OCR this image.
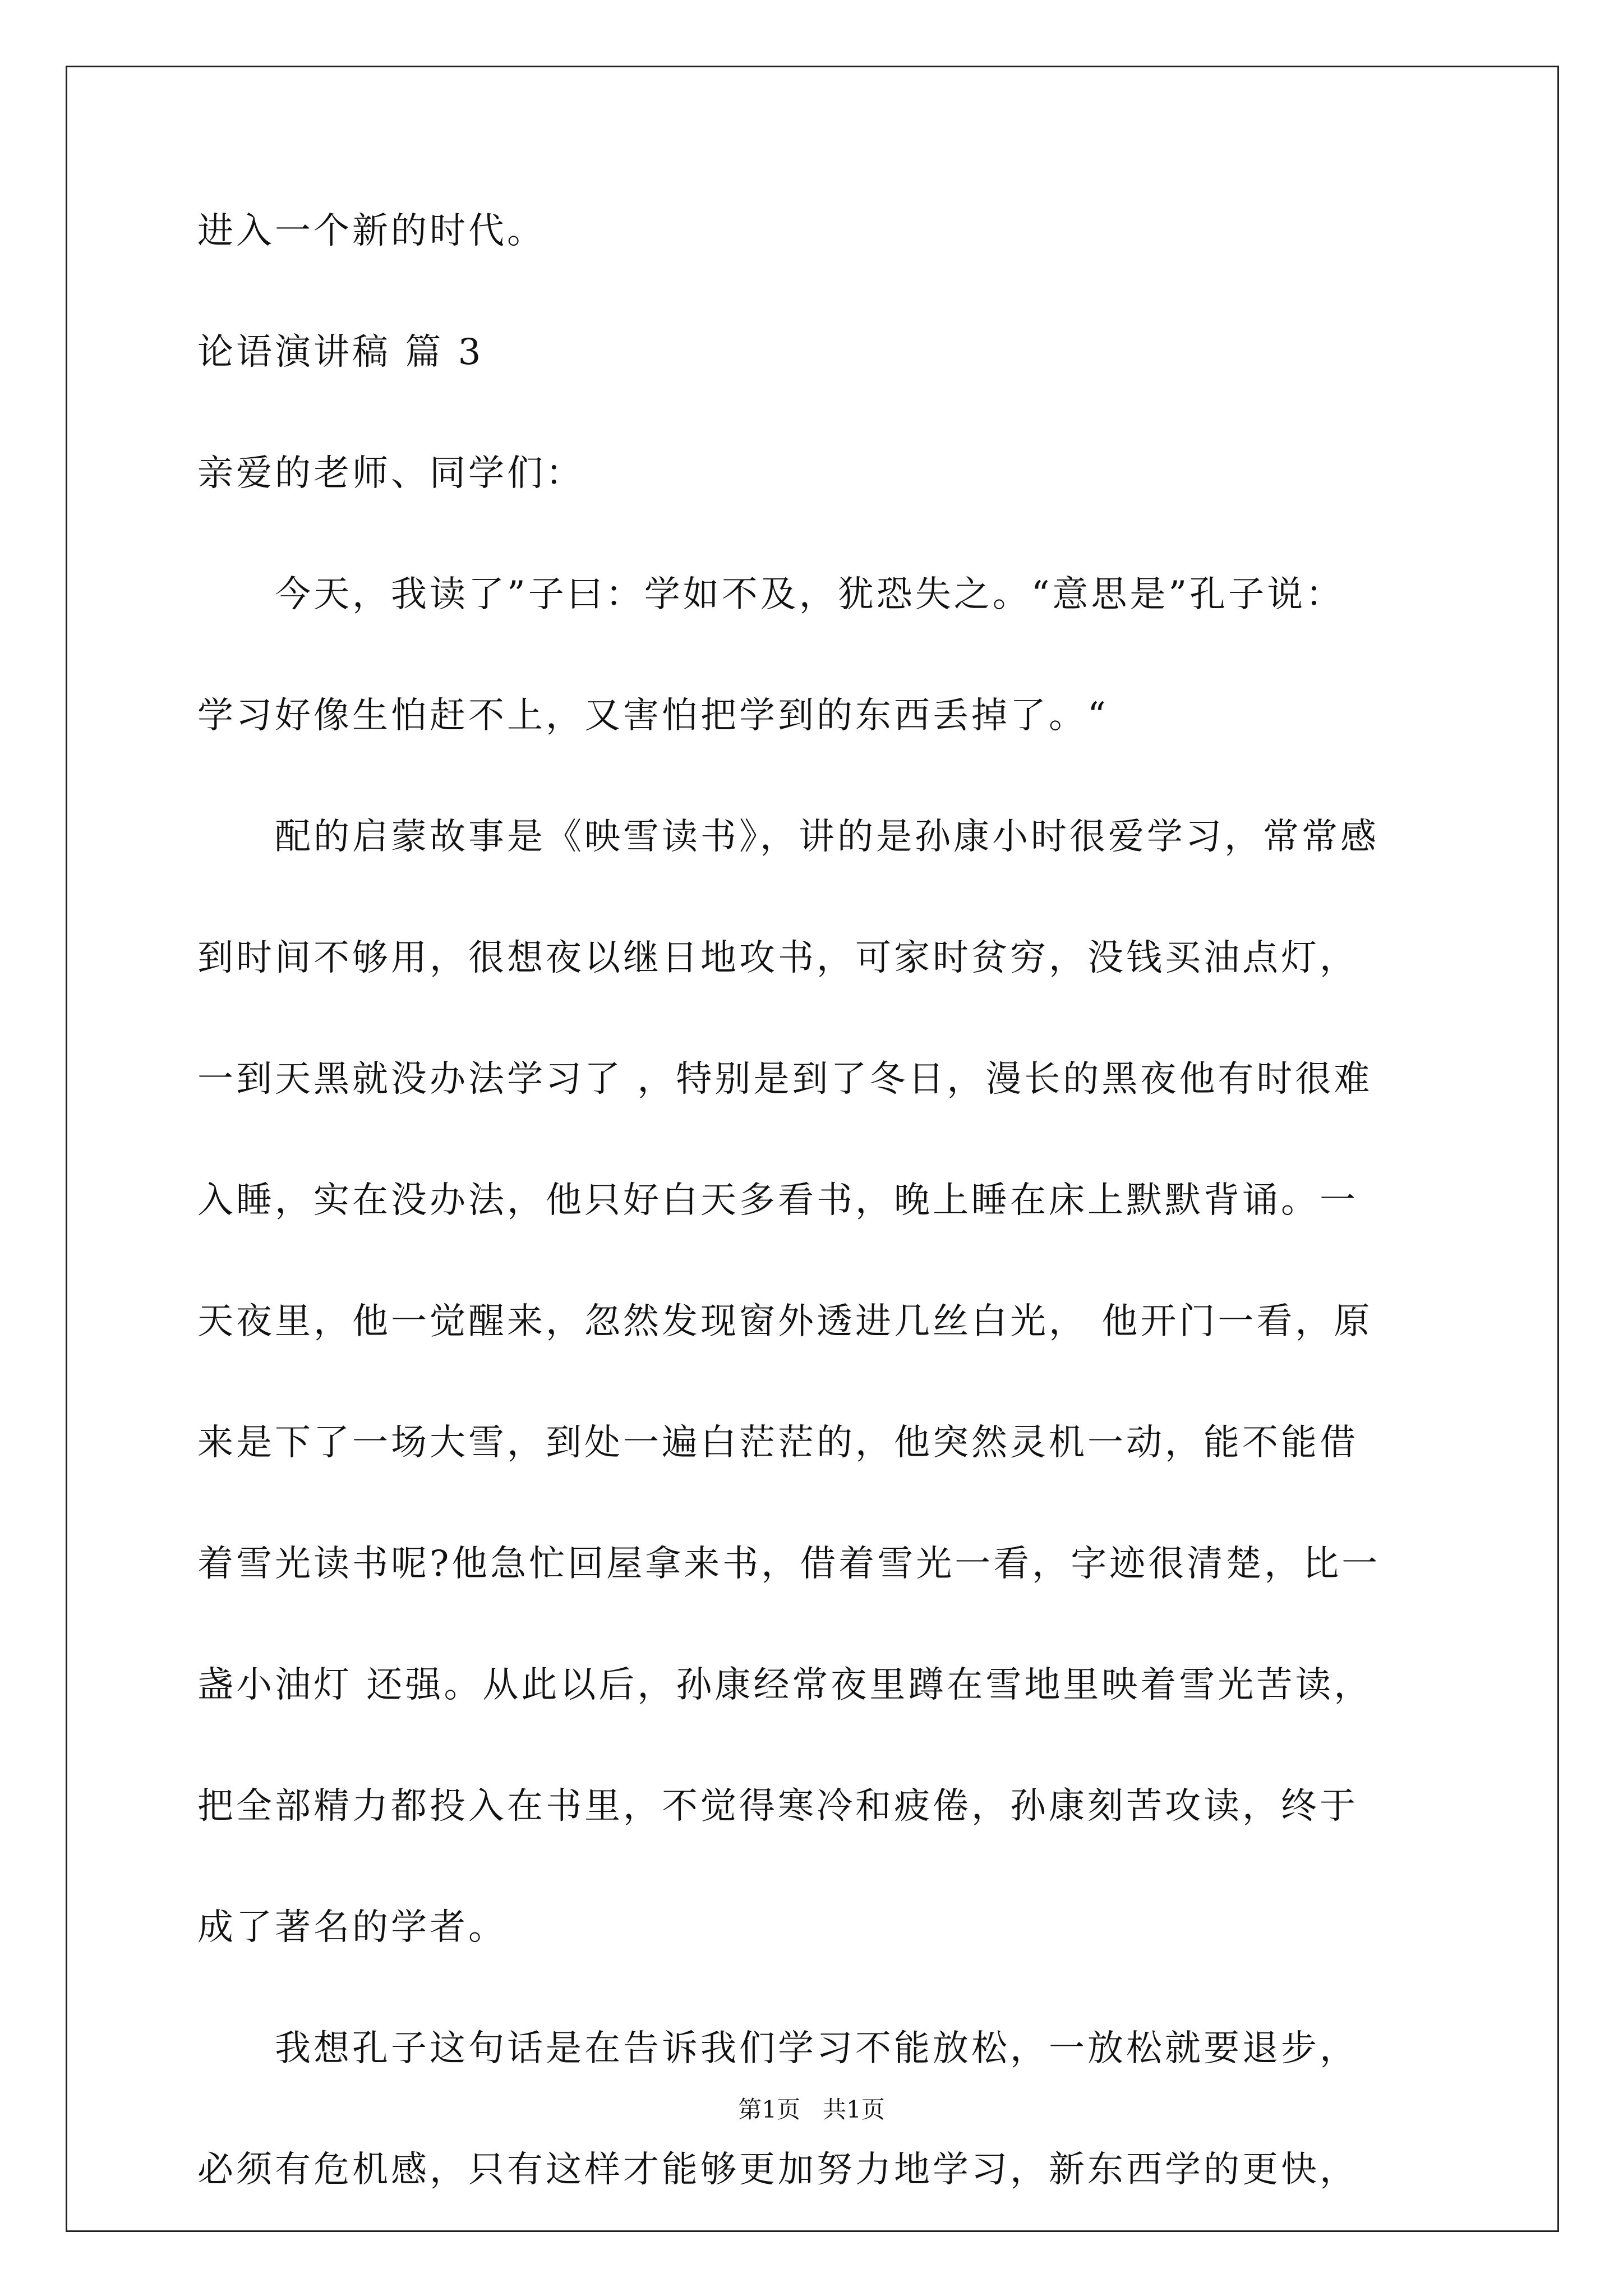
进入一个新的时代。
论语演讲稿 篇 3
亲爱的老师、同学们：
　　今天，我读了”子曰：学如不及，犹恐失之。“意思是”孔子说：
学习好像生怕赶不上，又害怕把学到的东西丢掉了。“
　　配的启蒙故事是《映雪读书》，讲的是孙康小时很爱学习，常常感
到时间不够用，很想夜以继日地攻书，可家时贫穷，没钱买油点灯，
一到天黑就没办法学习了 ，特别是到了冬日，漫长的黑夜他有时很难
入睡，实在没办法，他只好白天多看书，晚上睡在床上默默背诵。一
天夜里，他一觉醒来，忽然发现窗外透进几丝白光， 他开门一看，原
来是下了一场大雪，到处一遍白茫茫的，他突然灵机一动，能不能借
着雪光读书呢?他急忙回屋拿来书，借着雪光一看，字迹很清楚，比一
盏小油灯 还强。从此以后，孙康经常夜里蹲在雪地里映着雪光苦读，
把全部精力都投入在书里，不觉得寒冷和疲倦，孙康刻苦攻读，终于
成了著名的学者。
　　我想孔子这句话是在告诉我们学习不能放松，一放松就要退步，
必须有危机感，只有这样才能够更加努力地学习，新东西学的更快，
第1页   共1页
